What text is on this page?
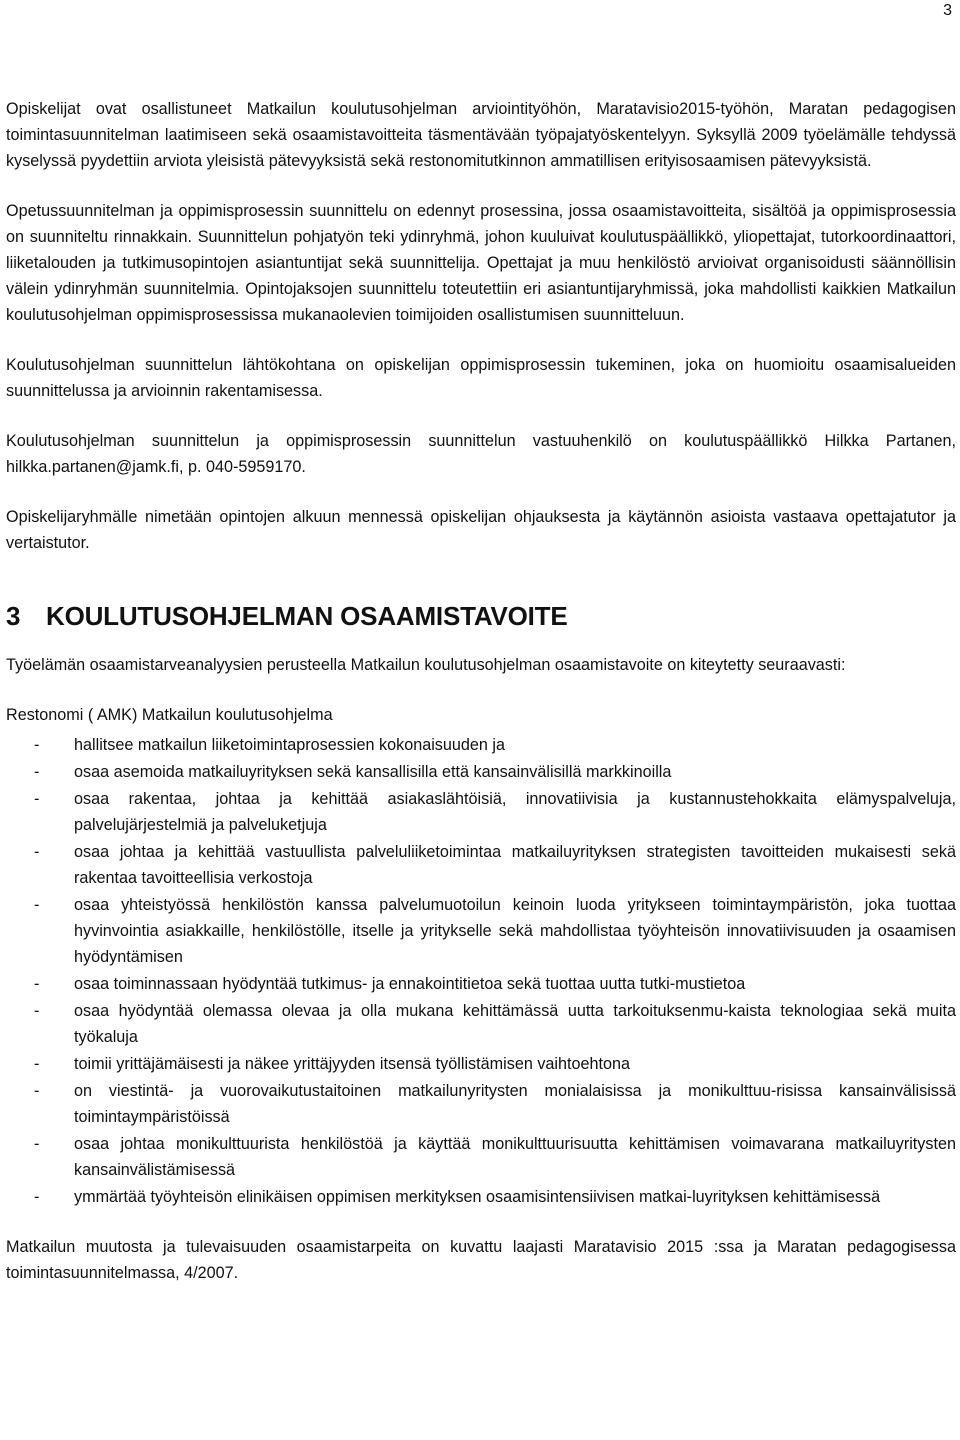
3

Opiskelijat ovat osallistuneet Matkailun koulutusohjelman arviointityöhön, Maratavisio2015-työhön, Maratan pedagogisen toimintasuunnitelman laatimiseen sekä osaamistavoitteita täsmentävään työpajatyöskentelyyn. Syksyllä 2009 työelämälle tehdyssä kyselyssä pyydettiin arviota yleisistä pätevyyksistä sekä restonomitutkinnon ammatillisen erityisosaamisen pätevyyksistä.

Opetussuunnitelman ja oppimisprosessin suunnittelu on edennyt prosessina, jossa osaamistavoitteita, sisältöä ja oppimisprosessia on suunniteltu rinnakkain. Suunnittelun pohjatyön teki ydinryhmä, johon kuuluivat koulutuspäällikkö, yliopettajat, tutorkoordinaattori, liiketalouden ja tutkimusopintojen asiantuntijat sekä suunnittelija. Opettajat ja muu henkilöstö arvioivat organisoidusti säännöllisin välein ydinryhmän suunnitelmia. Opintojaksojen suunnittelu toteutettiin eri asiantuntijaryhmissä, joka mahdollisti kaikkien Matkailun koulutusohjelman oppimisprosessissa mukanaolevien toimijoiden osallistumisen suunnitteluun.

Koulutusohjelman suunnittelun lähtökohtana on opiskelijan oppimisprosessin tukeminen, joka on huomioitu osaamisalueiden suunnittelussa ja arvioinnin rakentamisessa.

Koulutusohjelman suunnittelun ja oppimisprosessin suunnittelun vastuuhenkilö on koulutuspäällikkö Hilkka Partanen, hilkka.partanen@jamk.fi, p. 040-5959170.

Opiskelijaryhmälle nimetään opintojen alkuun mennessä opiskelijan ohjauksesta ja käytännön asioista vastaava opettajatutor ja vertaistutor.

3 KOULUTUSOHJELMAN OSAAMISTAVOITE

Työelämän osaamistarveanalyysien perusteella Matkailun koulutusohjelman osaamistavoite on kiteytetty seuraavasti:

Restonomi ( AMK) Matkailun koulutusohjelma
- hallitsee matkailun liiketoimintaprosessien kokonaisuuden ja
- osaa asemoida matkailuyrityksen sekä kansallisilla että kansainvälisillä markkinoilla
- osaa rakentaa, johtaa ja kehittää asiakaslähtöisiä, innovatiivisia ja kustannustehokkaita elämyspalveluja, palvelujärjestelmiä ja palveluketjuja
- osaa johtaa ja kehittää vastuullista palveluliiketoimintaa matkailuyrityksen strategisten tavoitteiden mukaisesti sekä rakentaa tavoitteellisia verkostoja
- osaa yhteistyössä henkilöstön kanssa palvelumuotoilun keinoin luoda yritykseen toimintaympäristön, joka tuottaa hyvinvointia asiakkaille, henkilöstölle, itselle ja yritykselle sekä mahdollistaa työyhteisön innovatiivisuuden ja osaamisen hyödyntämisen
- osaa toiminnassaan hyödyntää tutkimus- ja ennakointitietoa sekä tuottaa uutta tutki-mustietoa
- osaa hyödyntää olemassa olevaa ja olla mukana kehittämässä uutta tarkoituksenmu-kaista teknologiaa sekä muita työkaluja
- toimii yrittäjämäisesti ja näkee yrittäjyyden itsensä työllistämisen vaihtoehtona
- on viestintä- ja vuorovaikutustaitoinen matkailunyritysten monialaisissa ja monikulttuu-risissa kansainvälisissä toimintaympäristöissä
- osaa johtaa monikulttuurista henkilöstöä ja käyttää monikulttuurisuutta kehittämisen voimavarana matkailuyritysten kansainvälistämisessä
- ymmärtää työyhteisön elinikäisen oppimisen merkityksen osaamisintensiivisen matkai-luyrityksen kehittämisessä

Matkailun muutosta ja tulevaisuuden osaamistarpeita on kuvattu laajasti Maratavisio 2015 :ssa ja Maratan pedagogisessa toimintasuunnitelmassa, 4/2007.
